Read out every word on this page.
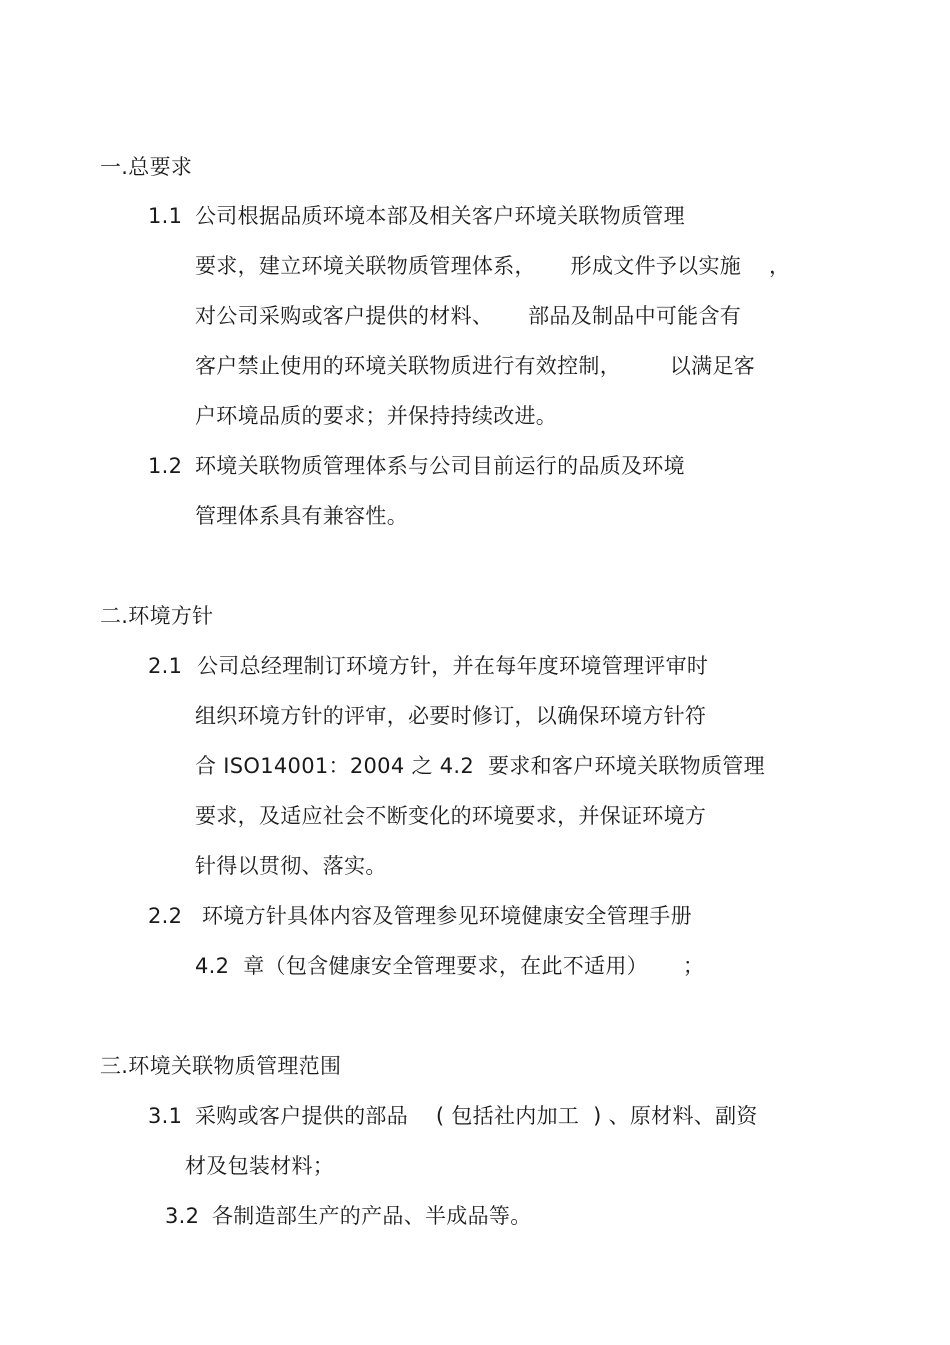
一.总要求
1.1 公司根据品质环境本部及相关客户环境关联物质管理
要求，建立环境关联物质管理体系，     形成文件予以实施    ，
对公司采购或客户提供的材料、     部品及制品中可能含有
客户禁止使用的环境关联物质进行有效控制，       以满足客
户环境品质的要求；并保持持续改进。
1.2 环境关联物质管理体系与公司目前运行的品质及环境
管理体系具有兼容性。
二.环境方针
2.1 公司总经理制订环境方针，并在每年度环境管理评审时
组织环境方针的评审，必要时修订，以确保环境方针符
合 ISO14001：2004 之 4.2  要求和客户环境关联物质管理
要求，及适应社会不断变化的环境要求，并保证环境方
针得以贯彻、落实。
2.2 环境方针具体内容及管理参见环境健康安全管理手册
4.2  章（包含健康安全管理要求，在此不适用）     ；
三.环境关联物质管理范围
3.1 采购或客户提供的部品    ( 包括社内加工  ) 、原材料、副资
材及包装材料；
3.2 各制造部生产的产品、半成品等。
